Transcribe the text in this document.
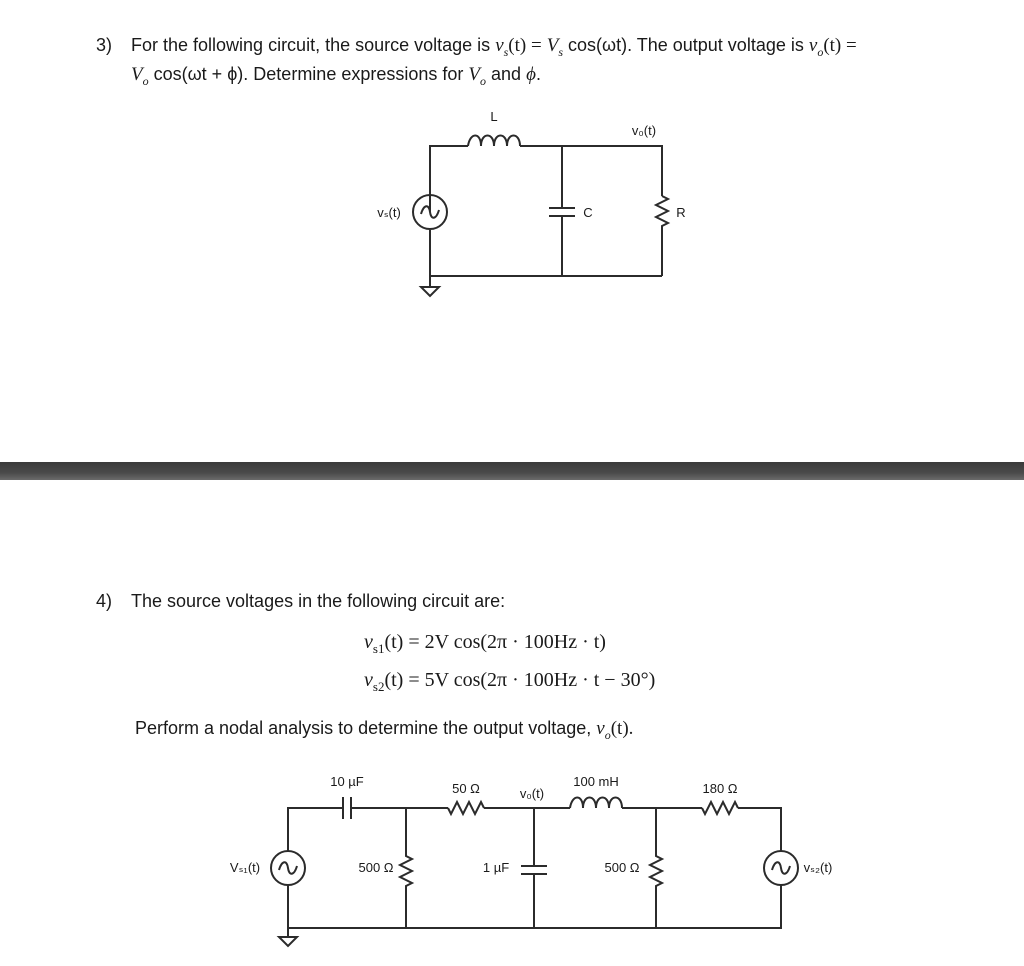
3) For the following circuit, the source voltage is $v_s(t) = V_s$ cos(ωt). The output voltage is $v_o(t)$ =
$V_o$ cos(ωt + ϕ). Determine expressions for $V_o$ and ϕ.
L
v₀(t)
vₛ(t)	C	R
10 µF	50 Ω	v₀(t)
100 mH	180 Ω
Vₛ₁(t)	500 Ω	1 µF	500 Ω	vₛ₂(t)
4) The source voltages in the following circuit are:
$v_{s1}(t) = 2V$ cos(2π · 100Hz · t)
$v_{s2}(t) = 5V$ cos(2π · 100Hz · t − 30°)
Perform a nodal analysis to determine the output voltage, $v_o(t)$.
